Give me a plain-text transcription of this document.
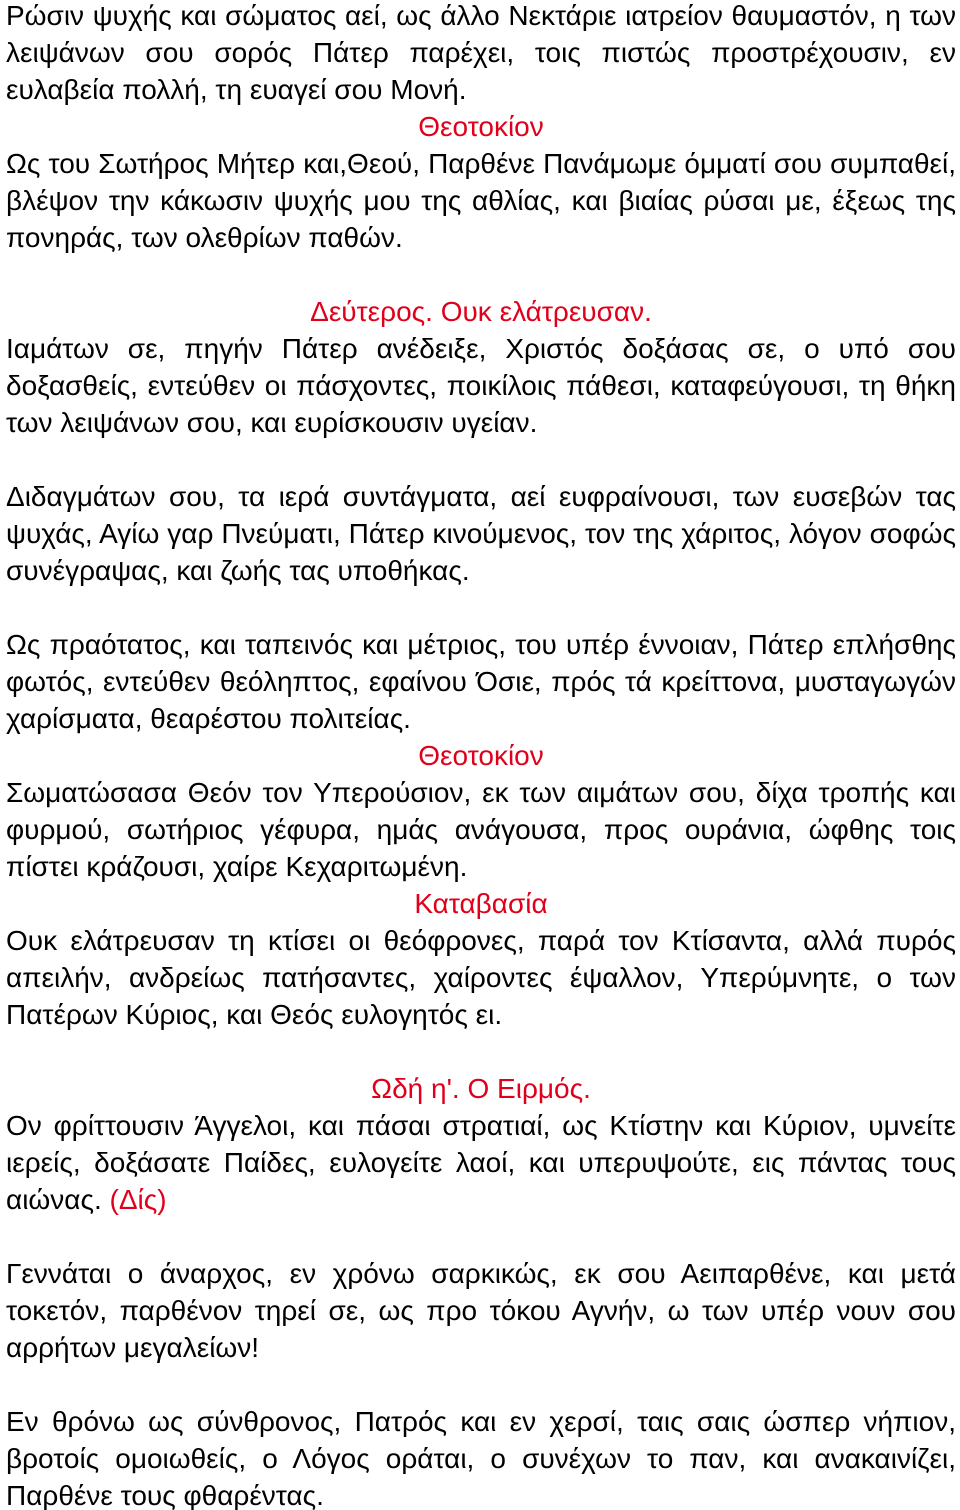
Ρώσιν ψυχής και σώματος αεί, ως άλλο Νεκτάριε ιατρείον θαυμαστόν, η των λειψάνων σου σορός Πάτερ παρέχει, τοις πιστώς προστρέχουσιν, εν ευλαβεία πολλή, τη ευαγεί σου Μονή.

Θεοτοκίον

Ως του Σωτήρος Μήτερ και,Θεού, Παρθένε Πανάμωμε όμματί σου συμπαθεί, βλέψον την κάκωσιν ψυχής μου της αθλίας, και βιαίας ρύσαι με, έξεως της πονηράς, των ολεθρίων παθών.

Δεύτερος. Ουκ ελάτρευσαν.

Ιαμάτων σε, πηγήν Πάτερ ανέδειξε, Χριστός δοξάσας σε, ο υπό σου δοξασθείς, εντεύθεν οι πάσχοντες, ποικίλοις πάθεσι, καταφεύγουσι, τη θήκη των λειψάνων σου, και ευρίσκουσιν υγείαν.

Διδαγμάτων σου, τα ιερά συντάγματα, αεί ευφραίνουσι, των ευσεβών τας ψυχάς, Αγίω γαρ Πνεύματι, Πάτερ κινούμενος, τον της χάριτος, λόγον σοφώς συνέγραψας, και ζωής τας υποθήκας.

Ως πραότατος, και ταπεινός και μέτριος, του υπέρ έννοιαν, Πάτερ επλήσθης φωτός, εντεύθεν θεόληπτος, εφαίνου Όσιε, πρός τά κρείττονα, μυσταγωγών χαρίσματα, θεαρέστου πολιτείας.

Θεοτοκίον

Σωματώσασα Θεόν τον Υπερούσιον, εκ των αιμάτων σου, δίχα τροπής και φυρμού, σωτήριος γέφυρα, ημάς ανάγουσα, προς ουράνια, ώφθης τοις πίστει κράζουσι, χαίρε Κεχαριτωμένη.

Καταβασία

Ουκ ελάτρευσαν τη κτίσει οι θεόφρονες, παρά τον Κτίσαντα, αλλά πυρός απειλήν, ανδρείως πατήσαντες, χαίροντες έψαλλον, Υπερύμνητε, ο των Πατέρων Κύριος, και Θεός ευλογητός ει.

Ωδή η'. Ο Ειρμός.

Ον φρίττουσιν Άγγελοι, και πάσαι στρατιαί, ως Κτίστην και Κύριον, υμνείτε ιερείς, δοξάσατε Παίδες, ευλογείτε λαοί, και υπερυψούτε, εις πάντας τους αιώνας. (Δίς)

Γεννάται ο άναρχος, εν χρόνω σαρκικώς, εκ σου Αειπαρθένε, και μετά τοκετόν, παρθένον τηρεί σε, ως προ τόκου Αγνήν, ω των υπέρ νουν σου αρρήτων μεγαλείων!

Εν θρόνω ως σύνθρονος, Πατρός και εν χερσί, ταις σαις ώσπερ νήπιον, βροτοίς ομοιωθείς, ο Λόγος οράται, ο συνέχων το παν, και ανακαινίζει, Παρθένε τους φθαρέντας.
